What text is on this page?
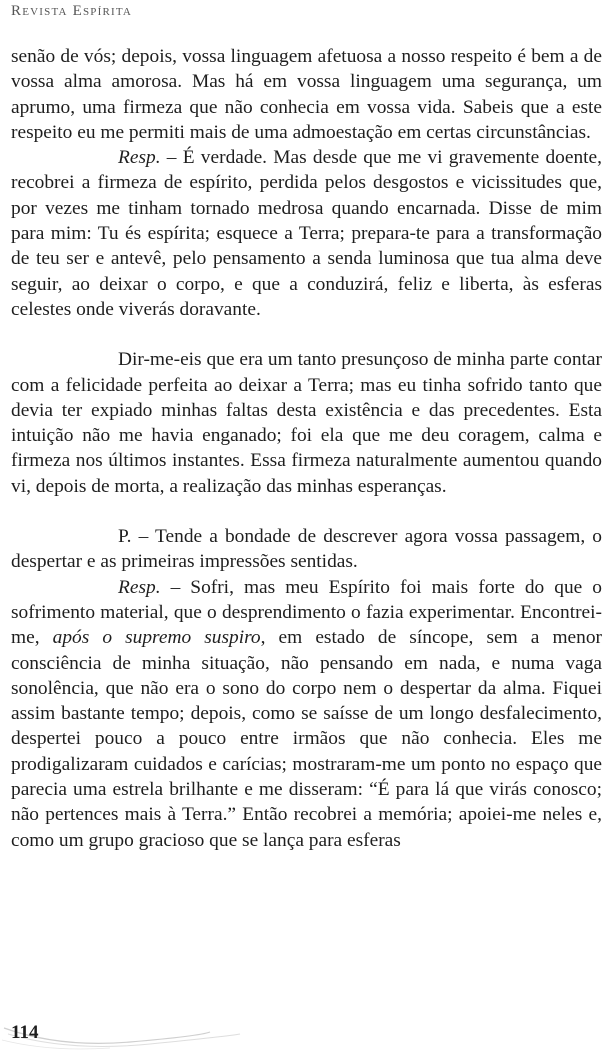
Revista Espírita

senão de vós; depois, vossa linguagem afetuosa a nosso respeito é bem a de vossa alma amorosa. Mas há em vossa linguagem uma segurança, um aprumo, uma firmeza que não conhecia em vossa vida. Sabeis que a este respeito eu me permiti mais de uma admoestação em certas circunstâncias.

Resp. – É verdade. Mas desde que me vi gravemente doente, recobrei a firmeza de espírito, perdida pelos desgostos e vicissitudes que, por vezes me tinham tornado medrosa quando encarnada. Disse de mim para mim: Tu és espírita; esquece a Terra; prepara-te para a transformação de teu ser e antevê, pelo pensamento a senda luminosa que tua alma deve seguir, ao deixar o corpo, e que a conduzirá, feliz e liberta, às esferas celestes onde viverás doravante.

Dir-me-eis que era um tanto presunçoso de minha parte contar com a felicidade perfeita ao deixar a Terra; mas eu tinha sofrido tanto que devia ter expiado minhas faltas desta existência e das precedentes. Esta intuição não me havia enganado; foi ela que me deu coragem, calma e firmeza nos últimos instantes. Essa firmeza naturalmente aumentou quando vi, depois de morta, a realização das minhas esperanças.

P. – Tende a bondade de descrever agora vossa passagem, o despertar e as primeiras impressões sentidas.

Resp. – Sofri, mas meu Espírito foi mais forte do que o sofrimento material, que o desprendimento o fazia experimentar. Encontrei-me, após o supremo suspiro, em estado de síncope, sem a menor consciência de minha situação, não pensando em nada, e numa vaga sonolência, que não era o sono do corpo nem o despertar da alma. Fiquei assim bastante tempo; depois, como se saísse de um longo desfalecimento, despertei pouco a pouco entre irmãos que não conhecia. Eles me prodigalizaram cuidados e carícias; mostraram-me um ponto no espaço que parecia uma estrela brilhante e me disseram: “É para lá que virás conosco; não pertences mais à Terra.” Então recobrei a memória; apoiei-me neles e, como um grupo gracioso que se lança para esferas

114
